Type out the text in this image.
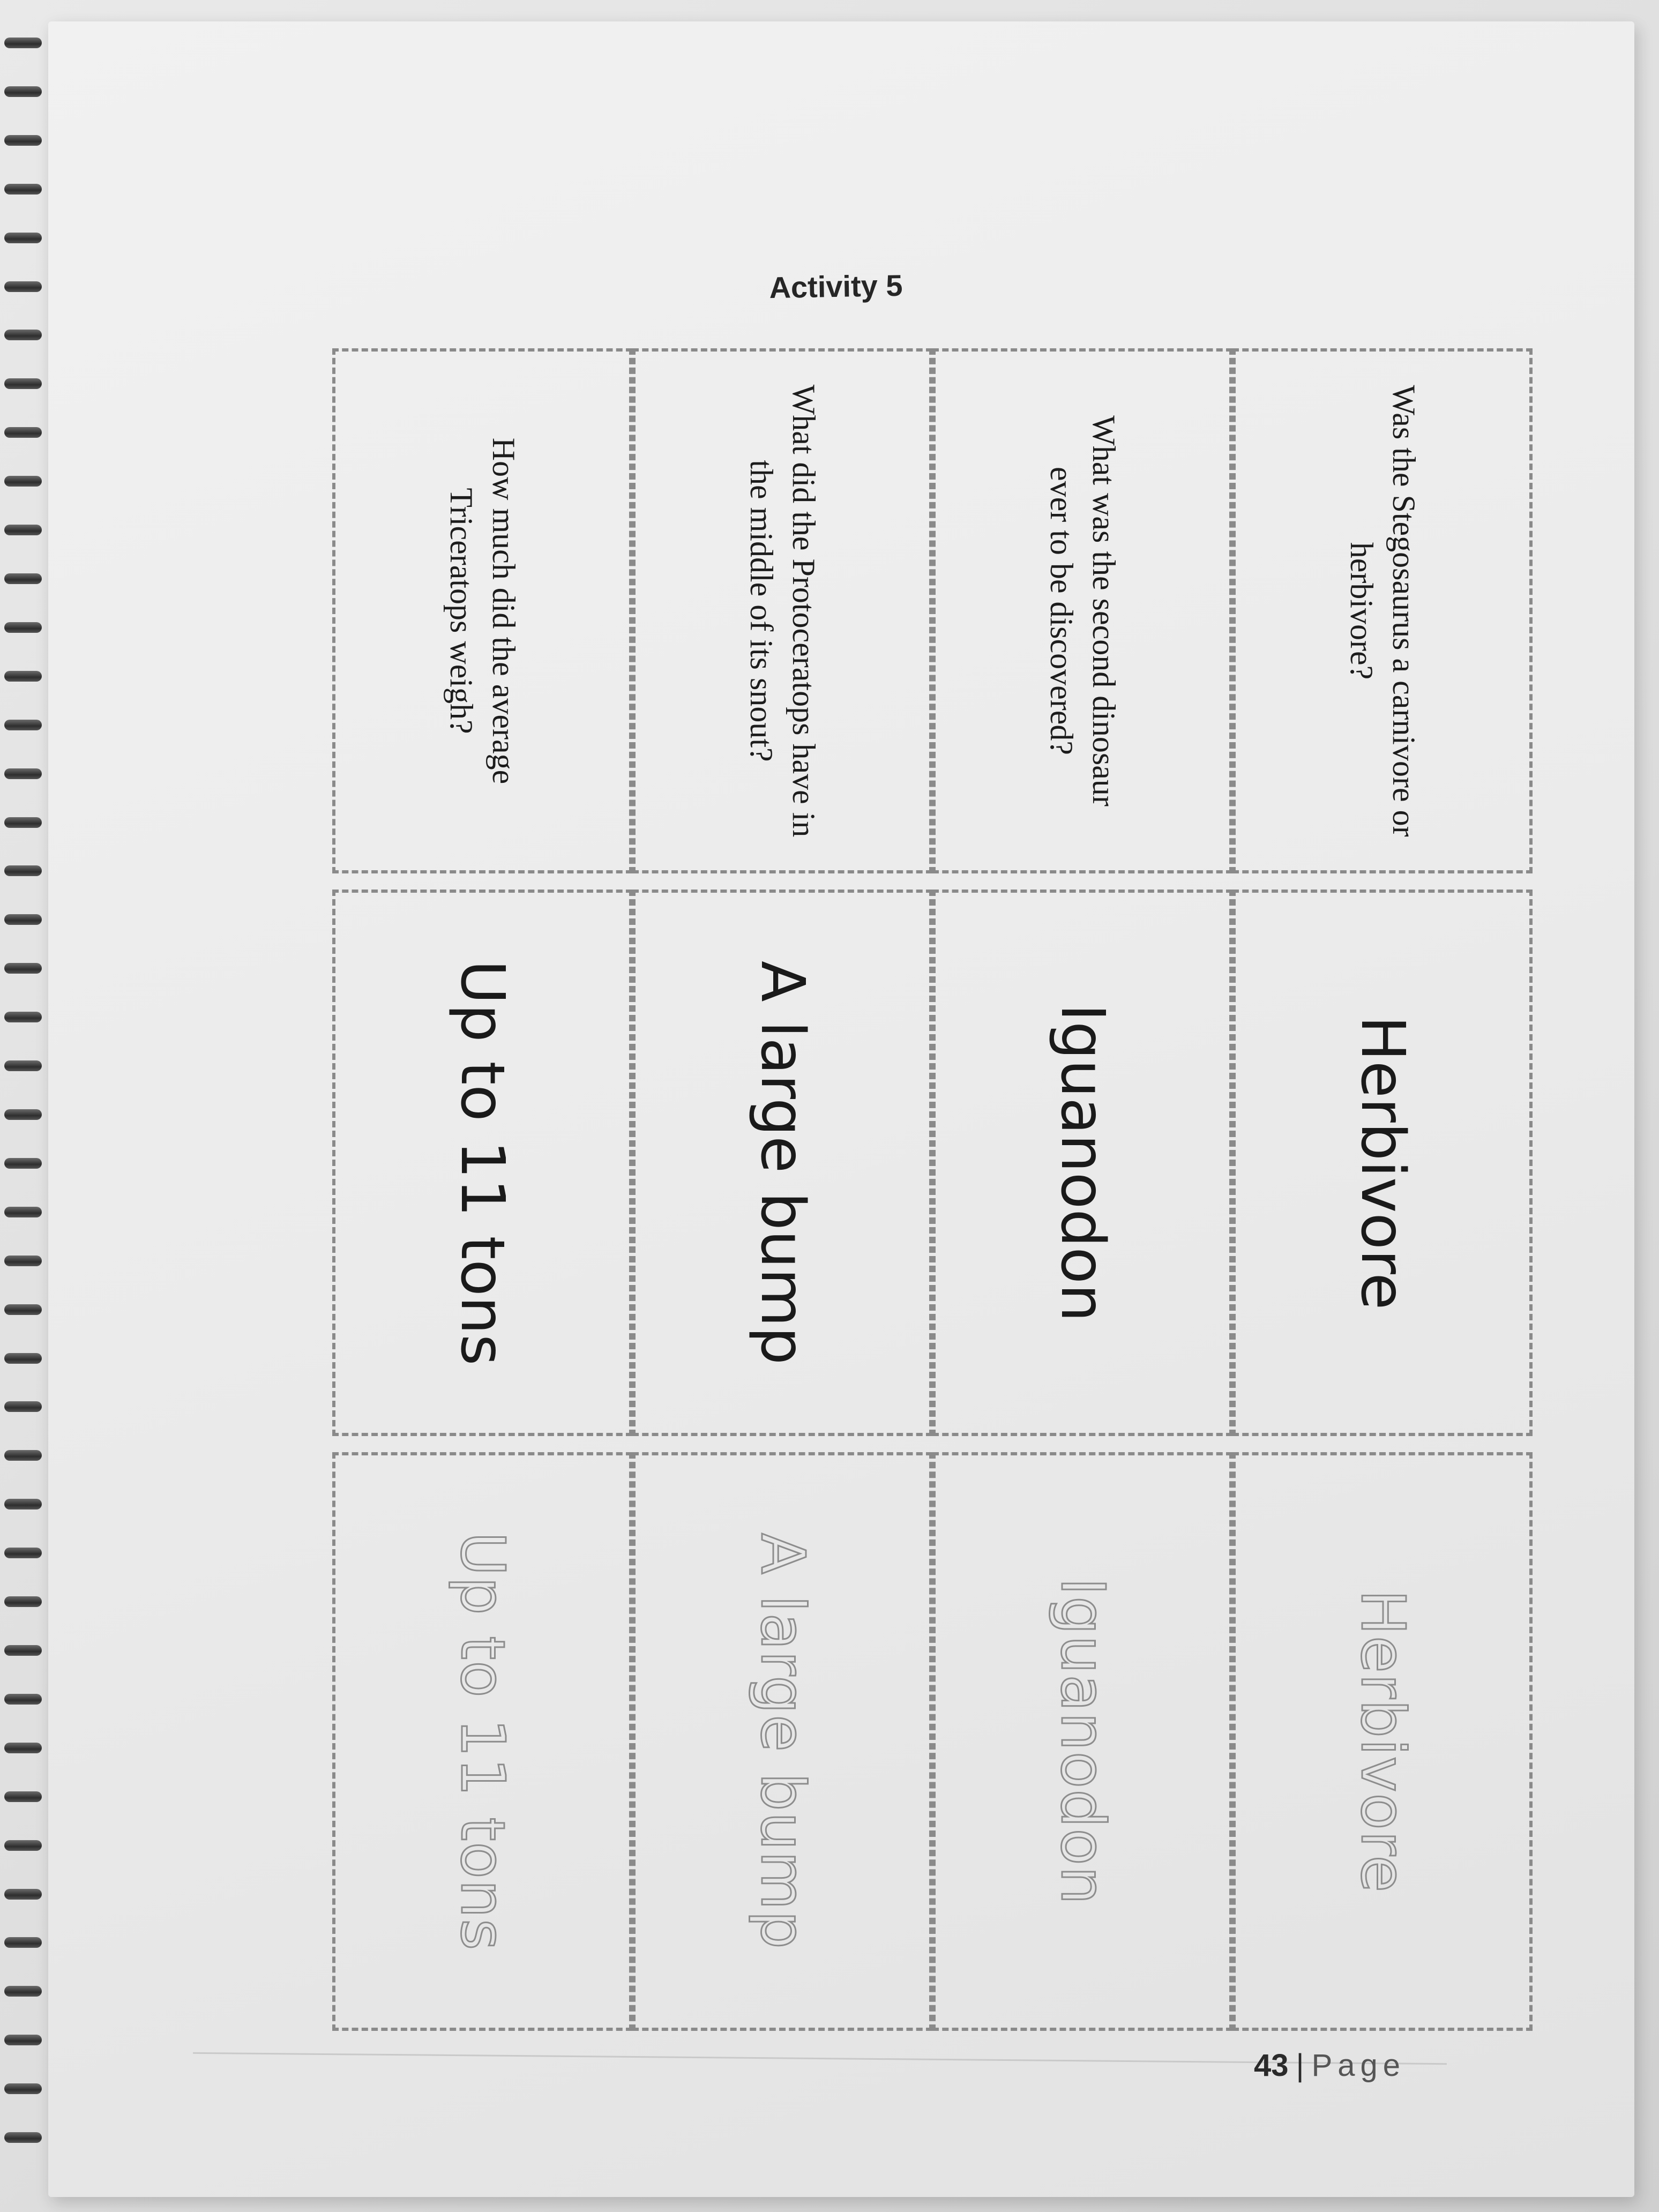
Activity 5
Was the Stegosaurus a carnivore or herbivore?
What was the second dinosaur ever to be discovered?
What did the Protoceratops have in the middle of its snout?
How much did the average Triceratops weigh?
Herbivore
Iguanodon
A large bump
Up to 11 tons
Herbivore
Iguanodon
A large bump
Up to 11 tons
43 | Page
